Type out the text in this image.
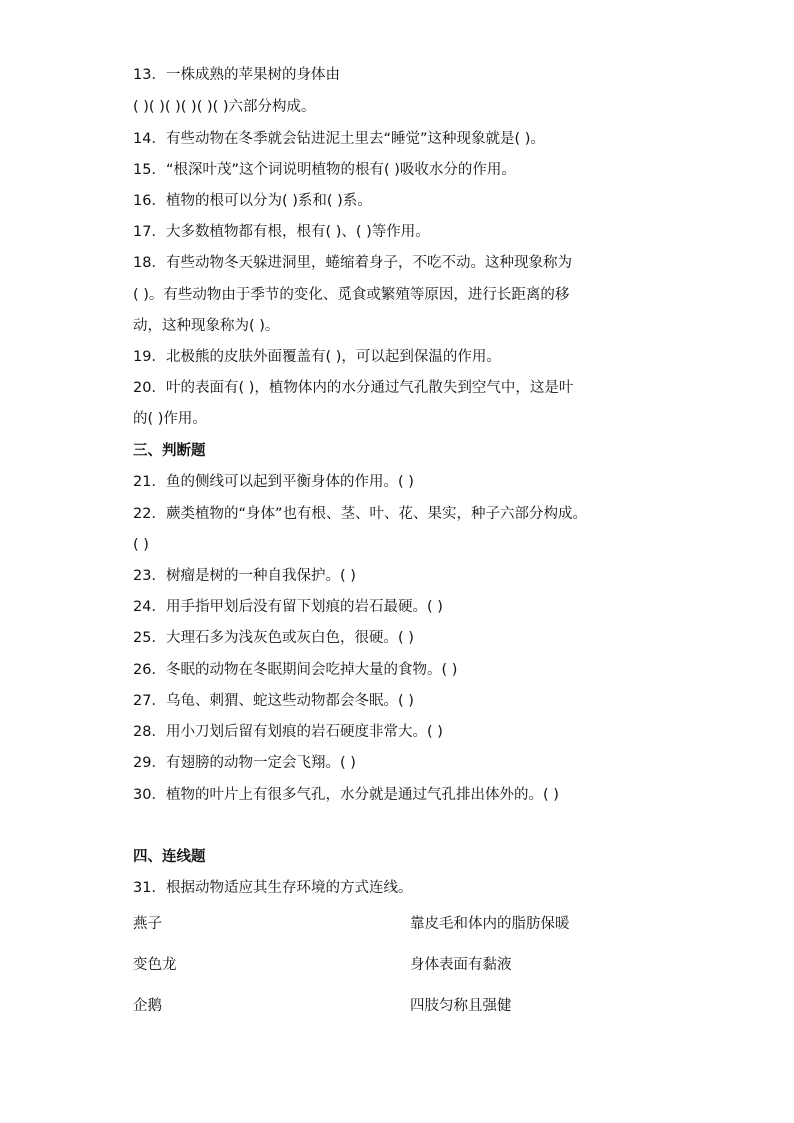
13．一株成熟的苹果树的身体由
( )( )( )( )( )( )六部分构成。
14．有些动物在冬季就会钻进泥土里去“睡觉”这种现象就是( )。
15．“根深叶茂”这个词说明植物的根有( )吸收水分的作用。
16．植物的根可以分为( )系和( )系。
17．大多数植物都有根，根有( )、( )等作用。
18．有些动物冬天躲进洞里，蜷缩着身子，不吃不动。这种现象称为
( )。有些动物由于季节的变化、觅食或繁殖等原因，进行长距离的移
动，这种现象称为( )。
19．北极熊的皮肤外面覆盖有( )，可以起到保温的作用。
20．叶的表面有( )，植物体内的水分通过气孔散失到空气中，这是叶
的( )作用。
三、判断题
21．鱼的侧线可以起到平衡身体的作用。( )
22．蕨类植物的“身体”也有根、茎、叶、花、果实，种子六部分构成。
( )
23．树瘤是树的一种自我保护。( )
24．用手指甲划后没有留下划痕的岩石最硬。( )
25．大理石多为浅灰色或灰白色，很硬。( )
26．冬眠的动物在冬眠期间会吃掉大量的食物。( )
27．乌龟、刺猬、蛇这些动物都会冬眠。( )
28．用小刀划后留有划痕的岩石硬度非常大。( )
29．有翅膀的动物一定会飞翔。( )
30．植物的叶片上有很多气孔，水分就是通过气孔排出体外的。( )
四、连线题
31．根据动物适应其生存环境的方式连线。
燕子	靠皮毛和体内的脂肪保暖
变色龙	身体表面有黏液
企鹅	四肢匀称且强健
